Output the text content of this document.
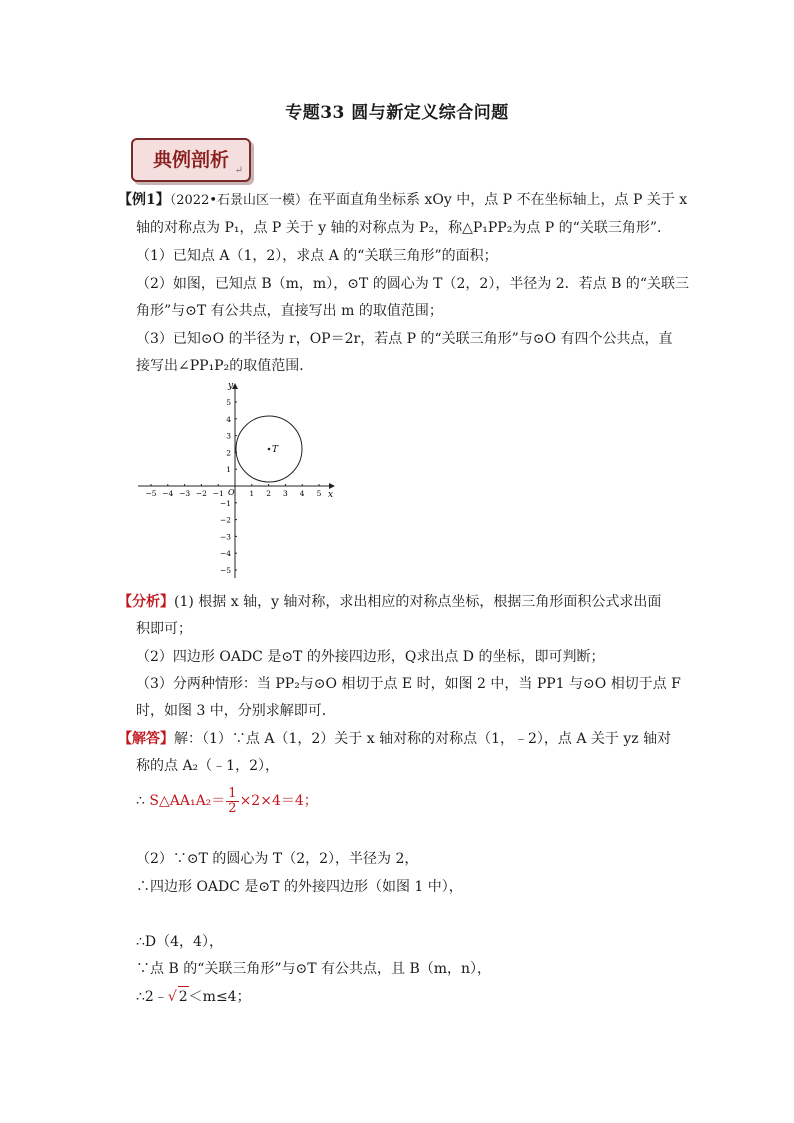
专题33 圆与新定义综合问题
典例剖析 ↵
【例1】（2022•石景山区一模）在平面直角坐标系 xOy 中，点 P 不在坐标轴上，点 P 关于 x
轴的对称点为 P₁，点 P 关于 y 轴的对称点为 P₂，称△P₁PP₂为点 P 的“关联三角形”．
（1）已知点 A（1，2），求点 A 的“关联三角形”的面积；
（2）如图，已知点 B（m，m），⊙T 的圆心为 T（2，2），半径为 2．若点 B 的“关联三
角形”与⊙T 有公共点，直接写出 m 的取值范围；
（3）已知⊙O 的半径为 r，OP＝2r，若点 P 的“关联三角形”与⊙O 有四个公共点，直
接写出∠PP₁P₂的取值范围．
−5 −4 −3 −2 −1	1 2 3 4 5
5
4
3
2
1
−1
−2
−3
−4
−5
T
x
y
O
【分析】(1) 根据 x 轴，y 轴对称，求出相应的对称点坐标，根据三角形面积公式求出面
积即可；
（2）四边形 OADC 是⊙T 的外接四边形，Q求出点 D 的坐标，即可判断；
（3）分两种情形：当 PP₂与⊙O 相切于点 E 时，如图 2 中，当 PP1 与⊙O 相切于点 F
时，如图 3 中，分别求解即可．
【解答】解：（1）∵点 A（1，2）关于 x 轴对称的对称点（1，﹣2），点 A 关于 yz 轴对
称的点 A₂（﹣1，2），
∴ S△AA₁A₂＝ $\frac{1}{2} \times 2\times 4=4$；
（2）∵⊙T 的圆心为 T（2，2），半径为 2，
∴四边形 OADC 是⊙T 的外接四边形（如图 1 中），
∴D（4，4），
∵点 B 的“关联三角形”与⊙T 有公共点，且 B（m，n），
∴2﹣√ 2＜m≤4；
